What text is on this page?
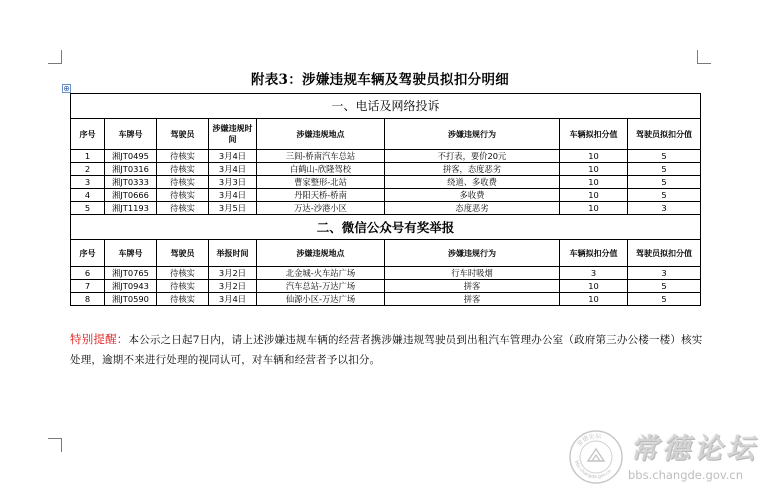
⊕
附表3：涉嫌违规车辆及驾驶员拟扣分明细
一、电话及网络投诉							
序号	车牌号	驾驶员	涉嫌违规时间	涉嫌违规地点	涉嫌违规行为	车辆拟扣分值	驾驶员拟扣分值
1	湘JT0495	待核实	3月4日	三闾-桥南汽车总站	不打表，要价20元	10	5
2	湘JT0316	待核实	3月4日	白鹤山-欣隆驾校	拼客，态度恶劣	10	5
3	湘JT0333	待核实	3月3日	曹家整形-北站	绕道、多收费	10	5
4	湘JT0666	待核实	3月4日	丹阳天桥-桥南	多收费	10	5
5	湘JT1193	待核实	3月5日	万达-沙港小区	态度恶劣	10	3
二、微信公众号有奖举报							
序号	车牌号	驾驶员	举报时间	涉嫌违规地点	涉嫌违规行为	车辆拟扣分值	驾驶员拟扣分值
6	湘JT0765	待核实	3月2日	北金城-火车站广场	行车时吸烟	3	3
7	湘JT0943	待核实	3月2日	汽车总站-万达广场	拼客	10	5
8	湘JT0590	待核实	3月4日	仙源小区-万达广场	拼客	10	5
特别提醒：本公示之日起7日内，请上述涉嫌违规车辆的经营者携涉嫌违规驾驶员到出租汽车管理办公室（政府第三办公楼一楼）核实处理，逾期不来进行处理的视同认可，对车辆和经营者予以扣分。
常德论坛
bbs.changde.gov.cn
常德论坛
bbs.changde.gov.cn
